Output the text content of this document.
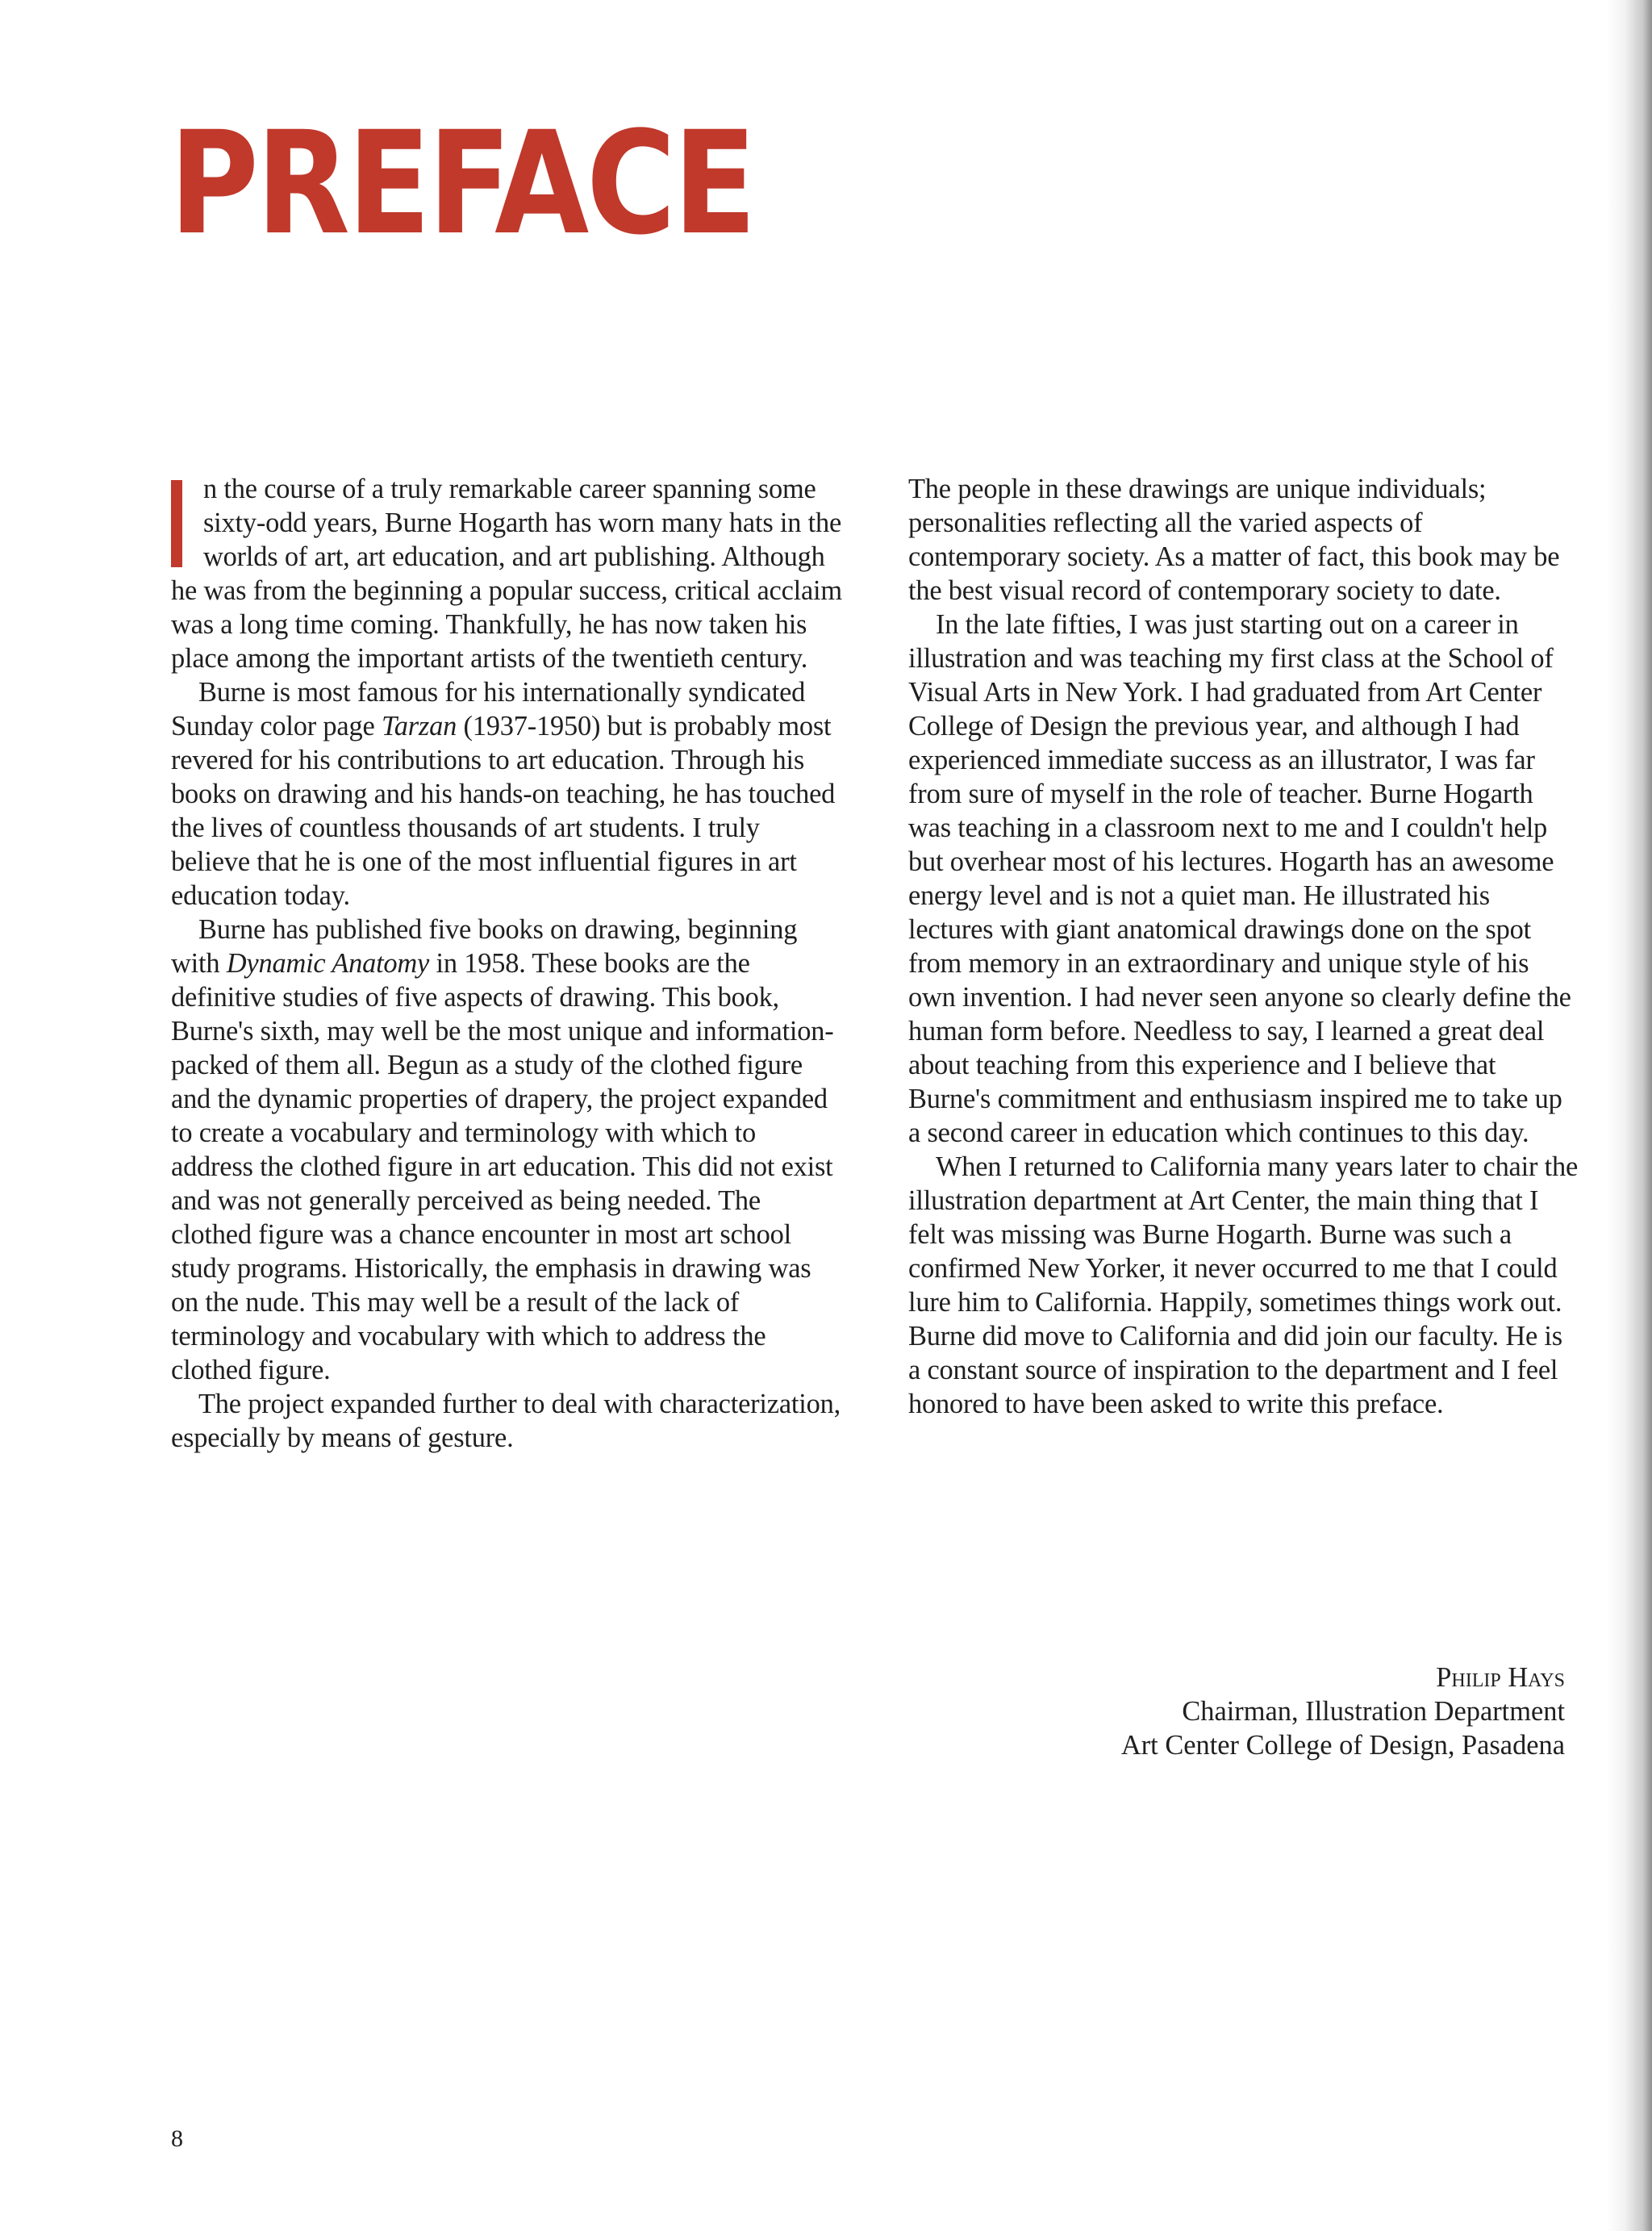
PREFACE

n the course of a truly remarkable career spanning some sixty-odd years, Burne Hogarth has worn many hats in the worlds of art, art education, and art publishing. Although he was from the beginning a popular success, critical acclaim was a long time coming. Thankfully, he has now taken his place among the important artists of the twentieth century.

Burne is most famous for his internationally syndicated Sunday color page Tarzan (1937-1950) but is probably most revered for his contributions to art education. Through his books on drawing and his hands-on teaching, he has touched the lives of countless thousands of art students. I truly believe that he is one of the most influential figures in art education today.

Burne has published five books on drawing, beginning with Dynamic Anatomy in 1958. These books are the definitive studies of five aspects of drawing. This book, Burne's sixth, may well be the most unique and information-packed of them all. Begun as a study of the clothed figure and the dynamic properties of drapery, the project expanded to create a vocabulary and terminology with which to address the clothed figure in art education. This did not exist and was not generally perceived as being needed. The clothed figure was a chance encounter in most art school study programs. Historically, the emphasis in drawing was on the nude. This may well be a result of the lack of terminology and vocabulary with which to address the clothed figure.

The project expanded further to deal with characterization, especially by means of gesture.

The people in these drawings are unique individuals; personalities reflecting all the varied aspects of contemporary society. As a matter of fact, this book may be the best visual record of contemporary society to date.

In the late fifties, I was just starting out on a career in illustration and was teaching my first class at the School of Visual Arts in New York. I had graduated from Art Center College of Design the previous year, and although I had experienced immediate success as an illustrator, I was far from sure of myself in the role of teacher. Burne Hogarth was teaching in a classroom next to me and I couldn't help but overhear most of his lectures. Hogarth has an awesome energy level and is not a quiet man. He illustrated his lectures with giant anatomical drawings done on the spot from memory in an extraordinary and unique style of his own invention. I had never seen anyone so clearly define the human form before. Needless to say, I learned a great deal about teaching from this experience and I believe that Burne's commitment and enthusiasm inspired me to take up a second career in education which continues to this day.

When I returned to California many years later to chair the illustration department at Art Center, the main thing that I felt was missing was Burne Hogarth. Burne was such a confirmed New Yorker, it never occurred to me that I could lure him to California. Happily, sometimes things work out. Burne did move to California and did join our faculty. He is a constant source of inspiration to the department and I feel honored to have been asked to write this preface.

Philip Hays
Chairman, Illustration Department
Art Center College of Design, Pasadena
8
